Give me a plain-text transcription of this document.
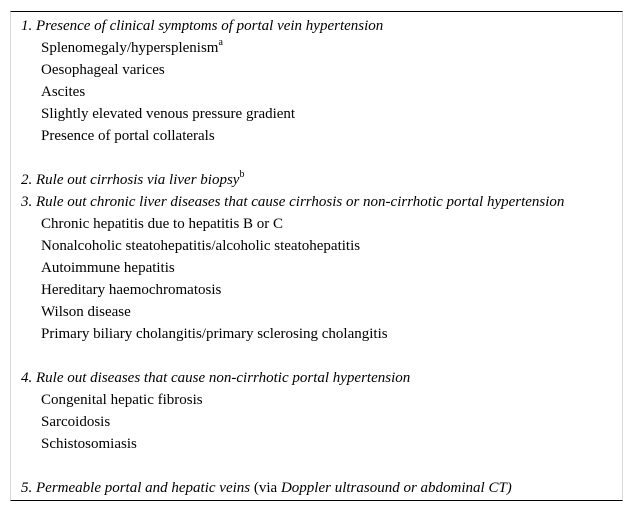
1. Presence of clinical symptoms of portal vein hypertension
Splenomegaly/hypersplenism$^a$
Oesophageal varices
Ascites
Slightly elevated venous pressure gradient
Presence of portal collaterals
2. Rule out cirrhosis via liver biopsy$^b$
3. Rule out chronic liver diseases that cause cirrhosis or non-cirrhotic portal hypertension
Chronic hepatitis due to hepatitis B or C
Nonalcoholic steatohepatitis/alcoholic steatohepatitis
Autoimmune hepatitis
Hereditary haemochromatosis
Wilson disease
Primary biliary cholangitis/primary sclerosing cholangitis
4. Rule out diseases that cause non-cirrhotic portal hypertension
Congenital hepatic fibrosis
Sarcoidosis
Schistosomiasis
5. Permeable portal and hepatic veins (via Doppler ultrasound or abdominal CT)
